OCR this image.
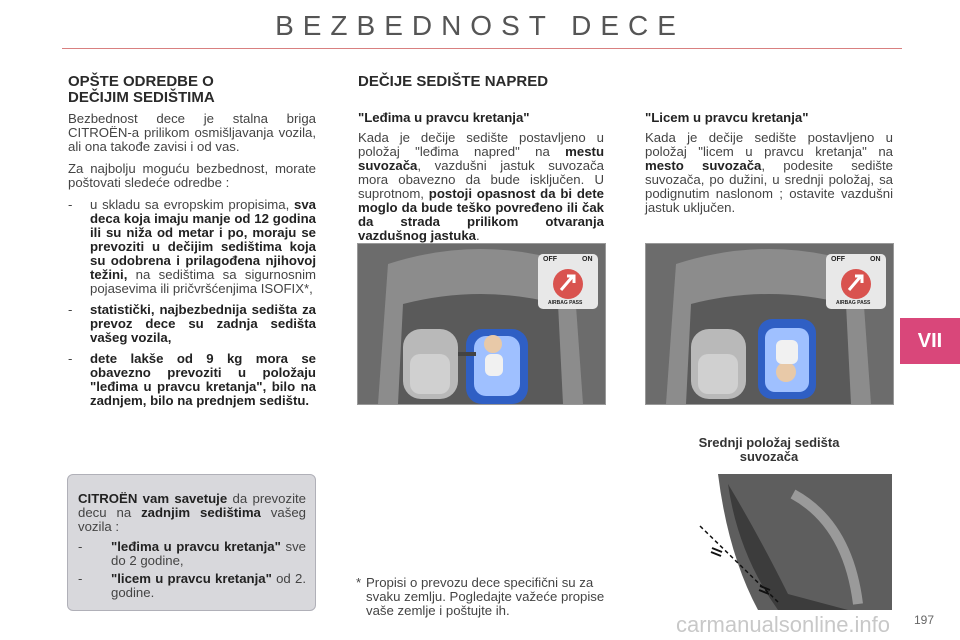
BEZBEDNOST DECE
VII
OPŠTE ODREDBE O DEČIJIM SEDIŠTIMA

Bezbednost dece je stalna briga CITROËN-a prilikom osmišljavanja vozila, ali ona takođe zavisi i od vas.

Za najbolju moguću bezbednost, morate poštovati sledeće odredbe :

- u skladu sa evropskim propisima, sva deca koja imaju manje od 12 godina ili su niža od metar i po, moraju se prevoziti u dečijim sedištima koja su odobrena i prilagođena njihovoj težini, na sedištima sa sigurnosnim pojasevima ili pričvršćenjima ISOFIX*,
- statistički, najbezbednija sedišta za prevoz dece su zadnja sedišta vašeg vozila,
- dete lakše od 9 kg mora se obavezno prevoziti u položaju "leđima u pravcu kretanja", bilo na zadnjem, bilo na prednjem sedištu.
CITROËN vam savetuje da prevozite decu na zadnjim sedištima vašeg vozila :
- "leđima u pravcu kretanja" sve do 2 godine,
- "licem u pravcu kretanja" od 2. godine.
DEČIJE SEDIŠTE NAPRED
"Leđima u pravcu kretanja"
Kada je dečije sedište postavljeno u položaj "leđima napred" na mestu suvozača, vazdušni jastuk suvozača mora obavezno da bude isključen. U suprotnom, postoji opasnost da bi dete moglo da bude teško povređeno ili čak da strada prilikom otvaranja vazdušnog jastuka.
"Licem u pravcu kretanja"
Kada je dečije sedište postavljeno u položaj "licem u pravcu kretanja" na mesto suvozača, podesite sedište suvozača, po dužini, u srednji položaj, sa podignutim naslonom ; ostavite vazdušni jastuk uključen.
OFF	ON
AIRBAG PASS
OFF	ON
AIRBAG PASS
Srednji položaj sedišta suvozača
* Propisi o prevozu dece specifični su za svaku zemlju. Pogledajte važeće propise vaše zemlje i poštujte ih.
197
carmanualsonline.info
